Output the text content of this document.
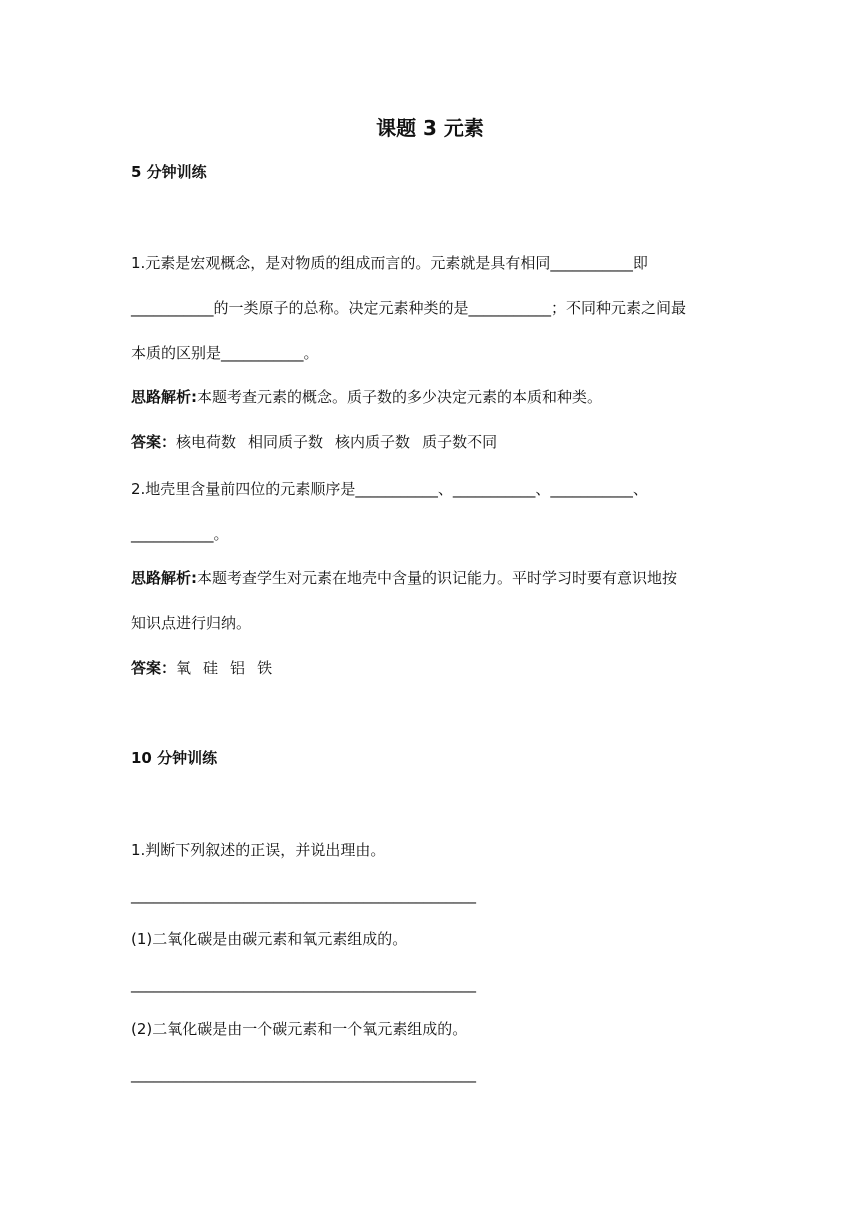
课题 3 元素
5 分钟训练
1.元素是宏观概念，是对物质的组成而言的。元素就是具有相同___________即
___________的一类原子的总称。决定元素种类的是___________；不同种元素之间最
本质的区别是___________。
思路解析:本题考查元素的概念。质子数的多少决定元素的本质和种类。
答案：核电荷数 相同质子数 核内质子数 质子数不同
2.地壳里含量前四位的元素顺序是___________、___________、___________、
___________。
思路解析:本题考查学生对元素在地壳中含量的识记能力。平时学习时要有意识地按
知识点进行归纳。
答案：氧 硅 铝 铁
10 分钟训练
1.判断下列叙述的正误，并说出理由。
______________________________________________
(1)二氧化碳是由碳元素和氧元素组成的。
______________________________________________
(2)二氧化碳是由一个碳元素和一个氧元素组成的。
______________________________________________
